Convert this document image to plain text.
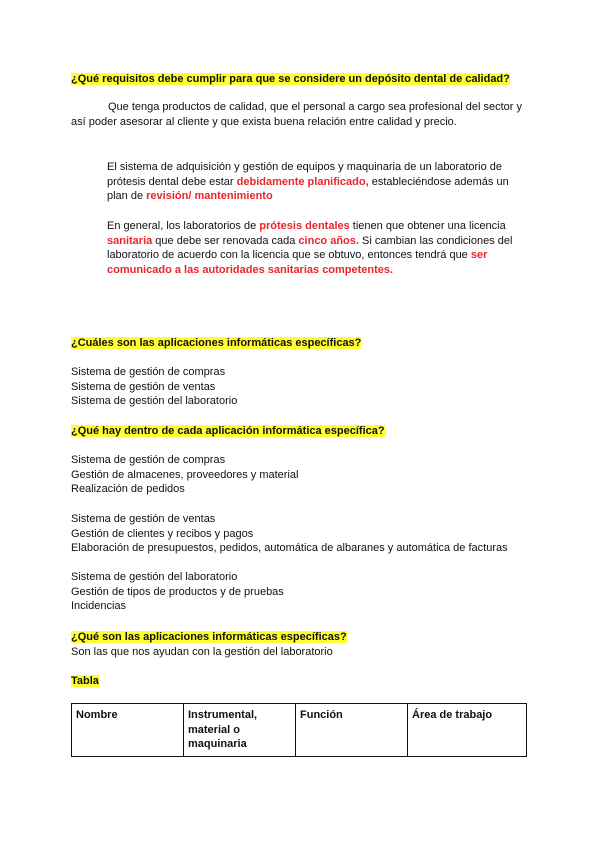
¿Qué requisitos debe cumplir para que se considere un depósito dental de calidad?
Que tenga productos de calidad, que el personal a cargo sea profesional del sector y así poder asesorar al cliente y que exista buena relación entre calidad y precio.
El sistema de adquisición y gestión de equipos y maquinaria de un laboratorio de prótesis dental debe estar debidamente planificado, estableciéndose además un plan de revisión/ mantenimiento
En general, los laboratorios de prótesis dentales tienen que obtener una licencia sanitaria que debe ser renovada cada cinco años. Si cambian las condiciones del laboratorio de acuerdo con la licencia que se obtuvo, entonces tendrá que ser comunicado a las autoridades sanitarias competentes.
¿Cuáles son las aplicaciones informáticas específicas?
Sistema de gestión de compras
Sistema de gestión de ventas
Sistema de gestión del laboratorio
¿Qué hay dentro de cada aplicación informática específica?
Sistema de gestión de compras
Gestión de almacenes, proveedores y material
Realización de pedidos
Sistema de gestión de ventas
Gestión de clientes y recibos y pagos
Elaboración de presupuestos, pedidos, automática de albaranes y automática de facturas
Sistema de gestión del laboratorio
Gestión de tipos de productos y de pruebas
Incidencias
¿Qué son las aplicaciones informáticas específicas?
Son las que nos ayudan con la gestión del laboratorio
Tabla
Nombre	Instrumental, material o maquinaria	Función	Área de trabajo
